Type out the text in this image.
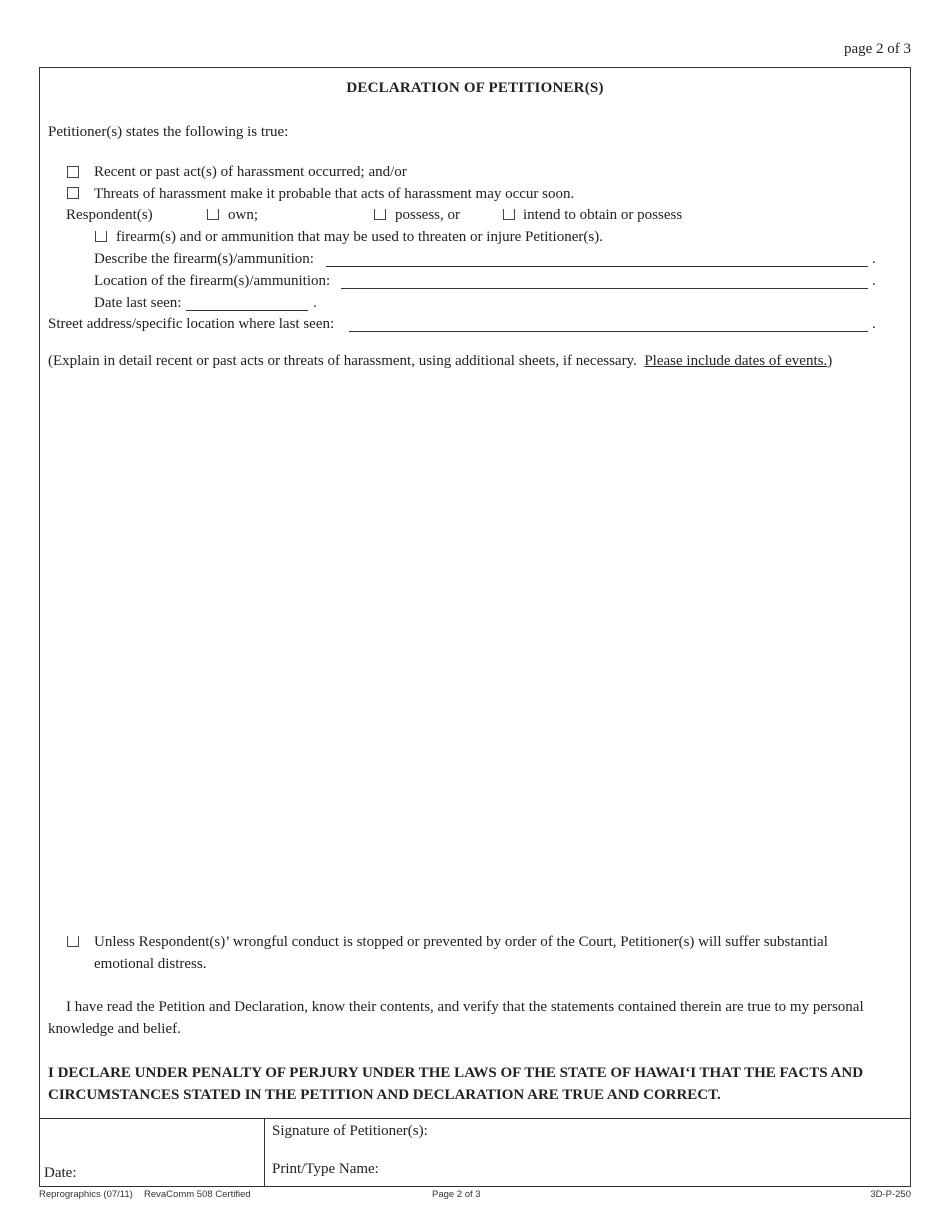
page 2 of 3
DECLARATION OF PETITIONER(S)
Petitioner(s) states the following is true:
Recent or past act(s) of harassment occurred; and/or
Threats of harassment make it probable that acts of harassment may occur soon.
Respondent(s)	own;	possess, or	intend to obtain or possess
firearm(s) and or ammunition that may be used to threaten or injure Petitioner(s).
Describe the firearm(s)/ammunition:	.
Location of the firearm(s)/ammunition:	.
Date last seen:	.
Street address/specific location where last seen:	.
(Explain in detail recent or past acts or threats of harassment, using additional sheets, if necessary. Please include dates of events.)
Unless Respondent(s)’ wrongful conduct is stopped or prevented by order of the Court, Petitioner(s) will suffer substantial
emotional distress.
I have read the Petition and Declaration, know their contents, and verify that the statements contained therein are true to my personal
knowledge and belief.
I DECLARE UNDER PENALTY OF PERJURY UNDER THE LAWS OF THE STATE OF HAWAIʻI THAT THE FACTS AND
CIRCUMSTANCES STATED IN THE PETITION AND DECLARATION ARE TRUE AND CORRECT.
Date:
Signature of Petitioner(s):
Print/Type Name:
Reprographics (07/11) RevaComm 508 Certified	Page 2 of 3	3D-P-250
